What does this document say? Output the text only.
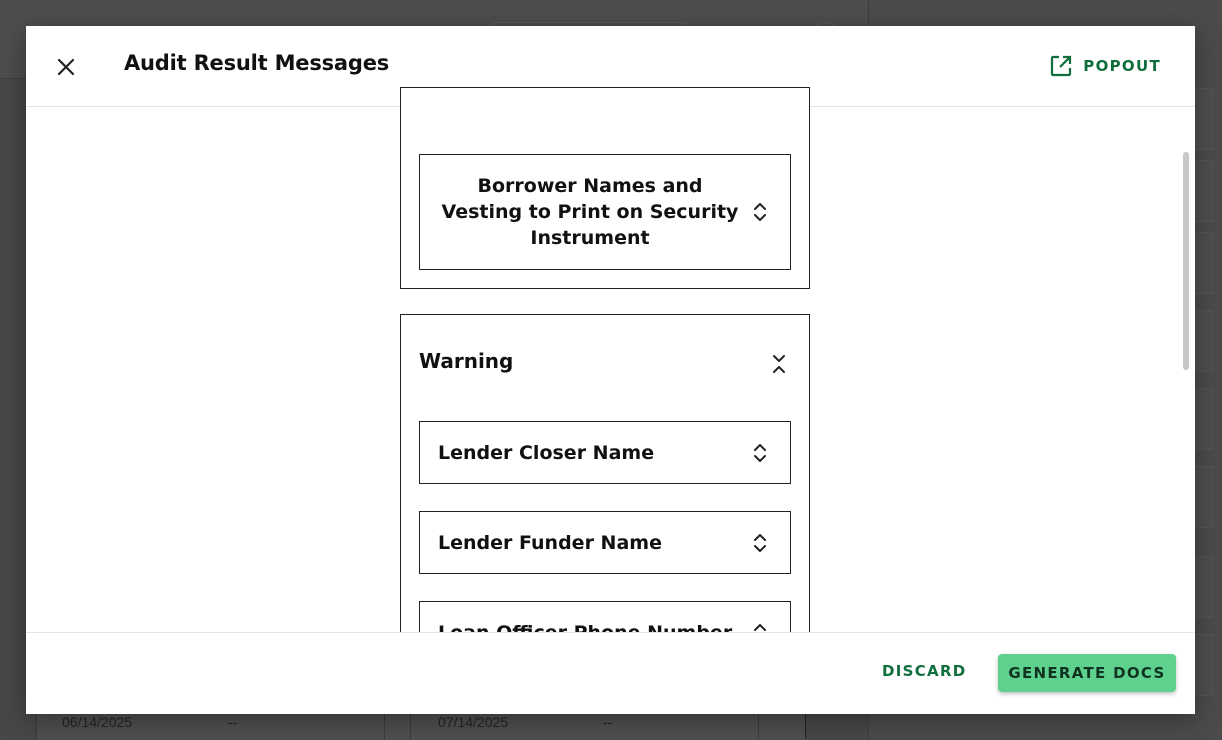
06/14/2025	--	07/14/2025	--
Audit Result Messages	POPOUT
Borrower Names and Vesting to Print on Security Instrument
Warning
Lender Closer Name
Lender Funder Name
DISCARD	GENERATE DOCS
